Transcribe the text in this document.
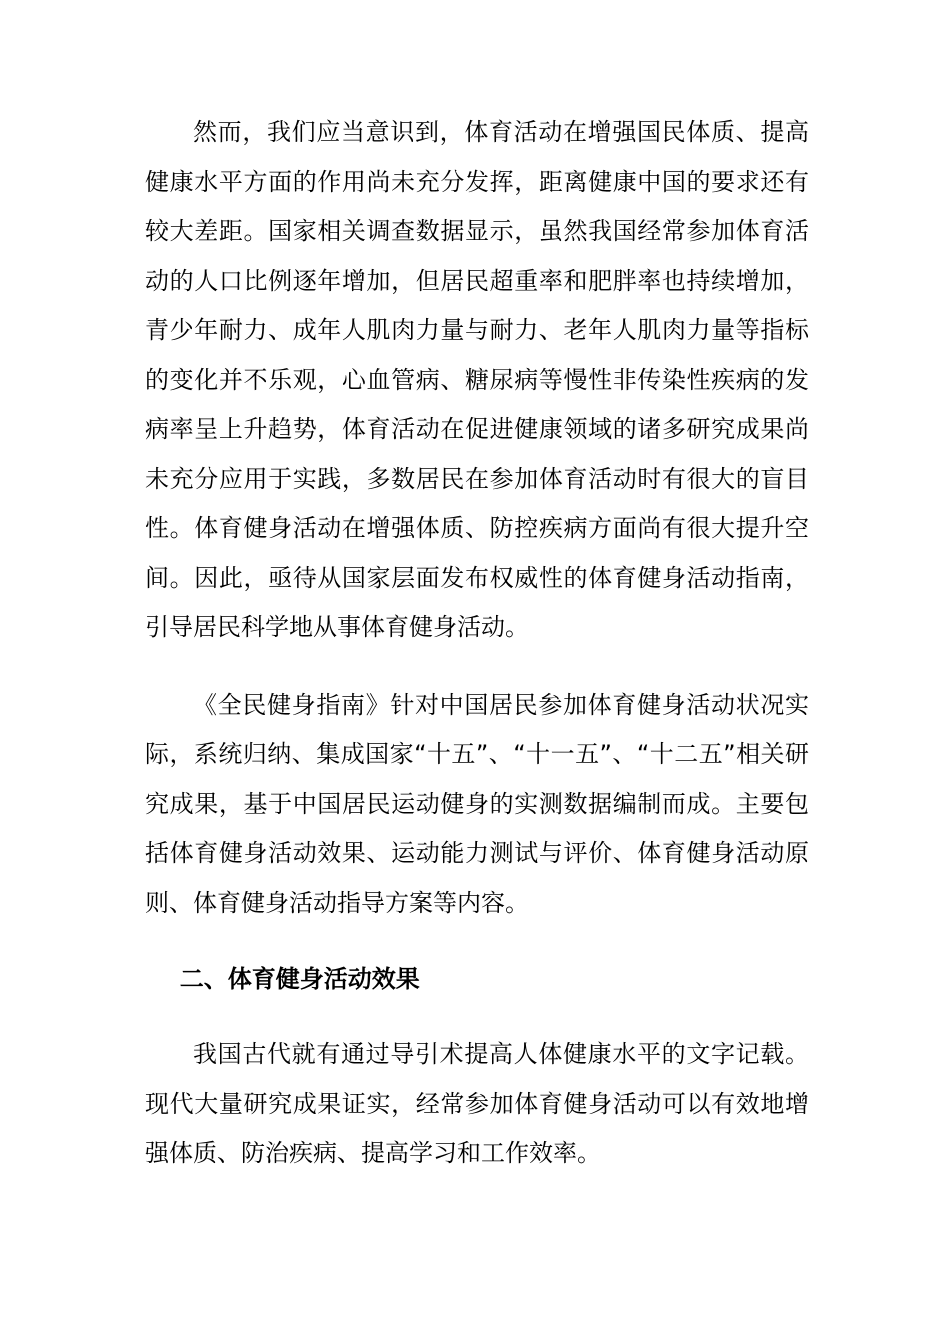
然而，我们应当意识到，体育活动在增强国民体质、提高健康水平方面的作用尚未充分发挥，距离健康中国的要求还有较大差距。国家相关调查数据显示，虽然我国经常参加体育活动的人口比例逐年增加，但居民超重率和肥胖率也持续增加，青少年耐力、成年人肌肉力量与耐力、老年人肌肉力量等指标的变化并不乐观，心血管病、糖尿病等慢性非传染性疾病的发病率呈上升趋势，体育活动在促进健康领域的诸多研究成果尚未充分应用于实践，多数居民在参加体育活动时有很大的盲目性。体育健身活动在增强体质、防控疾病方面尚有很大提升空间。因此，亟待从国家层面发布权威性的体育健身活动指南，引导居民科学地从事体育健身活动。

《全民健身指南》针对中国居民参加体育健身活动状况实际，系统归纳、集成国家“十五”、“十一五”、“十二五”相关研究成果，基于中国居民运动健身的实测数据编制而成。主要包括体育健身活动效果、运动能力测试与评价、体育健身活动原则、体育健身活动指导方案等内容。

二、体育健身活动效果

我国古代就有通过导引术提高人体健康水平的文字记载。现代大量研究成果证实，经常参加体育健身活动可以有效地增强体质、防治疾病、提高学习和工作效率。
